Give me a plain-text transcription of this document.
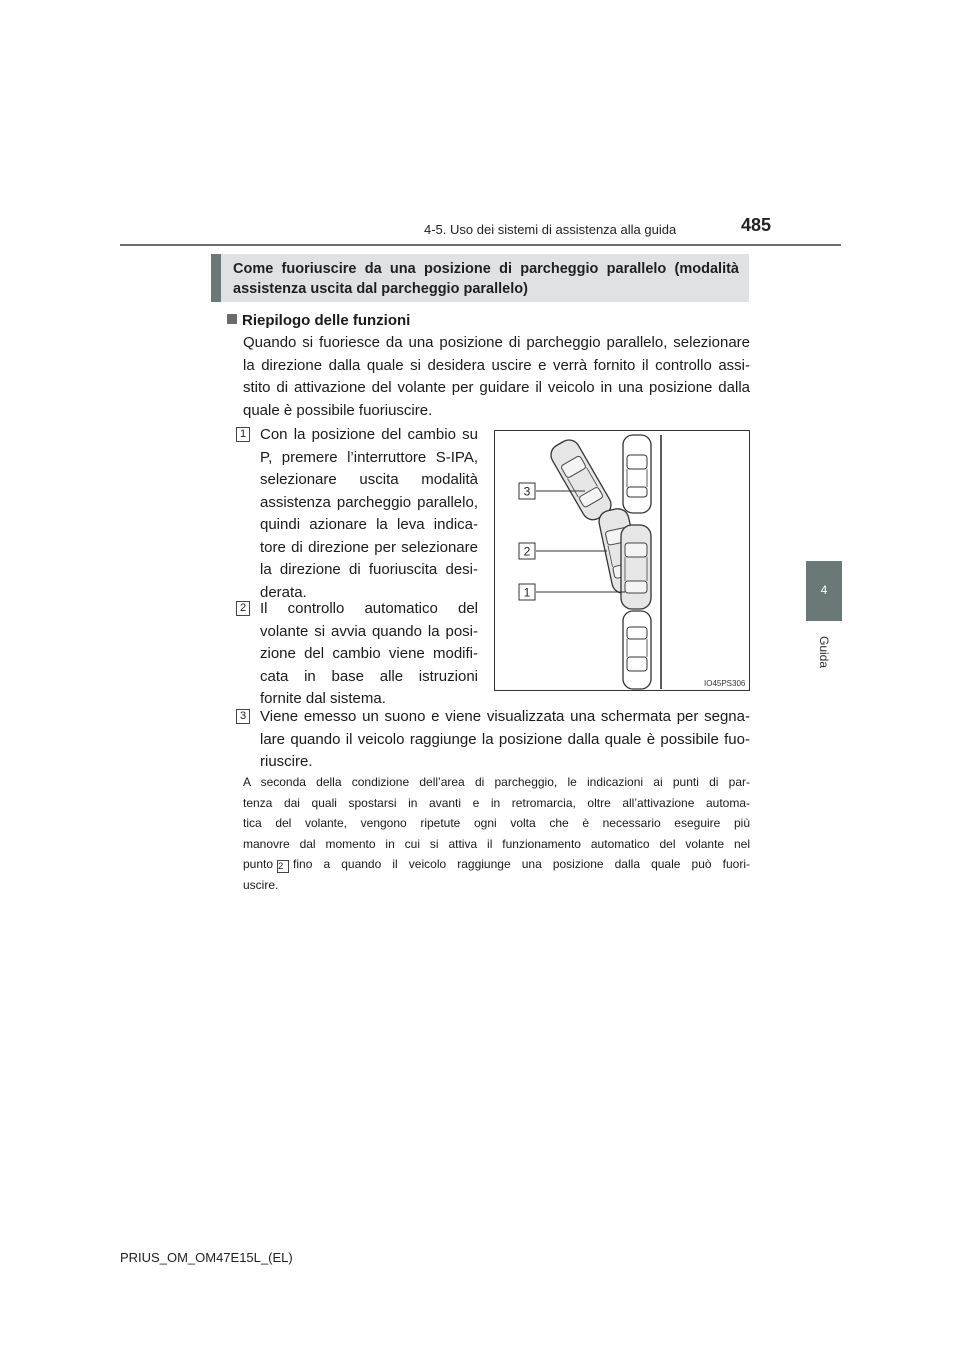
4-5. Uso dei sistemi di assistenza alla guida	485
4
Guida
Come fuoriuscire da una posizione di parcheggio parallelo (modalità
assistenza uscita dal parcheggio parallelo)
Riepilogo delle funzioni
Quando si fuoriesce da una posizione di parcheggio parallelo, selezionare
la direzione dalla quale si desidera uscire e verrà fornito il controllo assi-
stito di attivazione del volante per guidare il veicolo in una posizione dalla
quale è possibile fuoriuscire.
1 Con la posizione del cambio su
P, premere l’interruttore S-IPA,
selezionare uscita modalità
assistenza parcheggio parallelo,
quindi azionare la leva indica-
tore di direzione per selezionare
la direzione di fuoriuscita desi-
derata.
2 Il controllo automatico del
volante si avvia quando la posi-
zione del cambio viene modifi-
cata in base alle istruzioni
fornite dal sistema.
3 Viene emesso un suono e viene visualizzata una schermata per segna-
lare quando il veicolo raggiunge la posizione dalla quale è possibile fuo-
riuscire.
3
2
1
IO45PS306
A seconda della condizione dell’area di parcheggio, le indicazioni ai punti di par-
tenza dai quali spostarsi in avanti e in retromarcia, oltre all’attivazione automa-
tica del volante, vengono ripetute ogni volta che è necessario eseguire più
manovre dal momento in cui si attiva il funzionamento automatico del volante nel
punto 2 fino a quando il veicolo raggiunge una posizione dalla quale può fuori-
uscire.
PRIUS_OM_OM47E15L_(EL)
